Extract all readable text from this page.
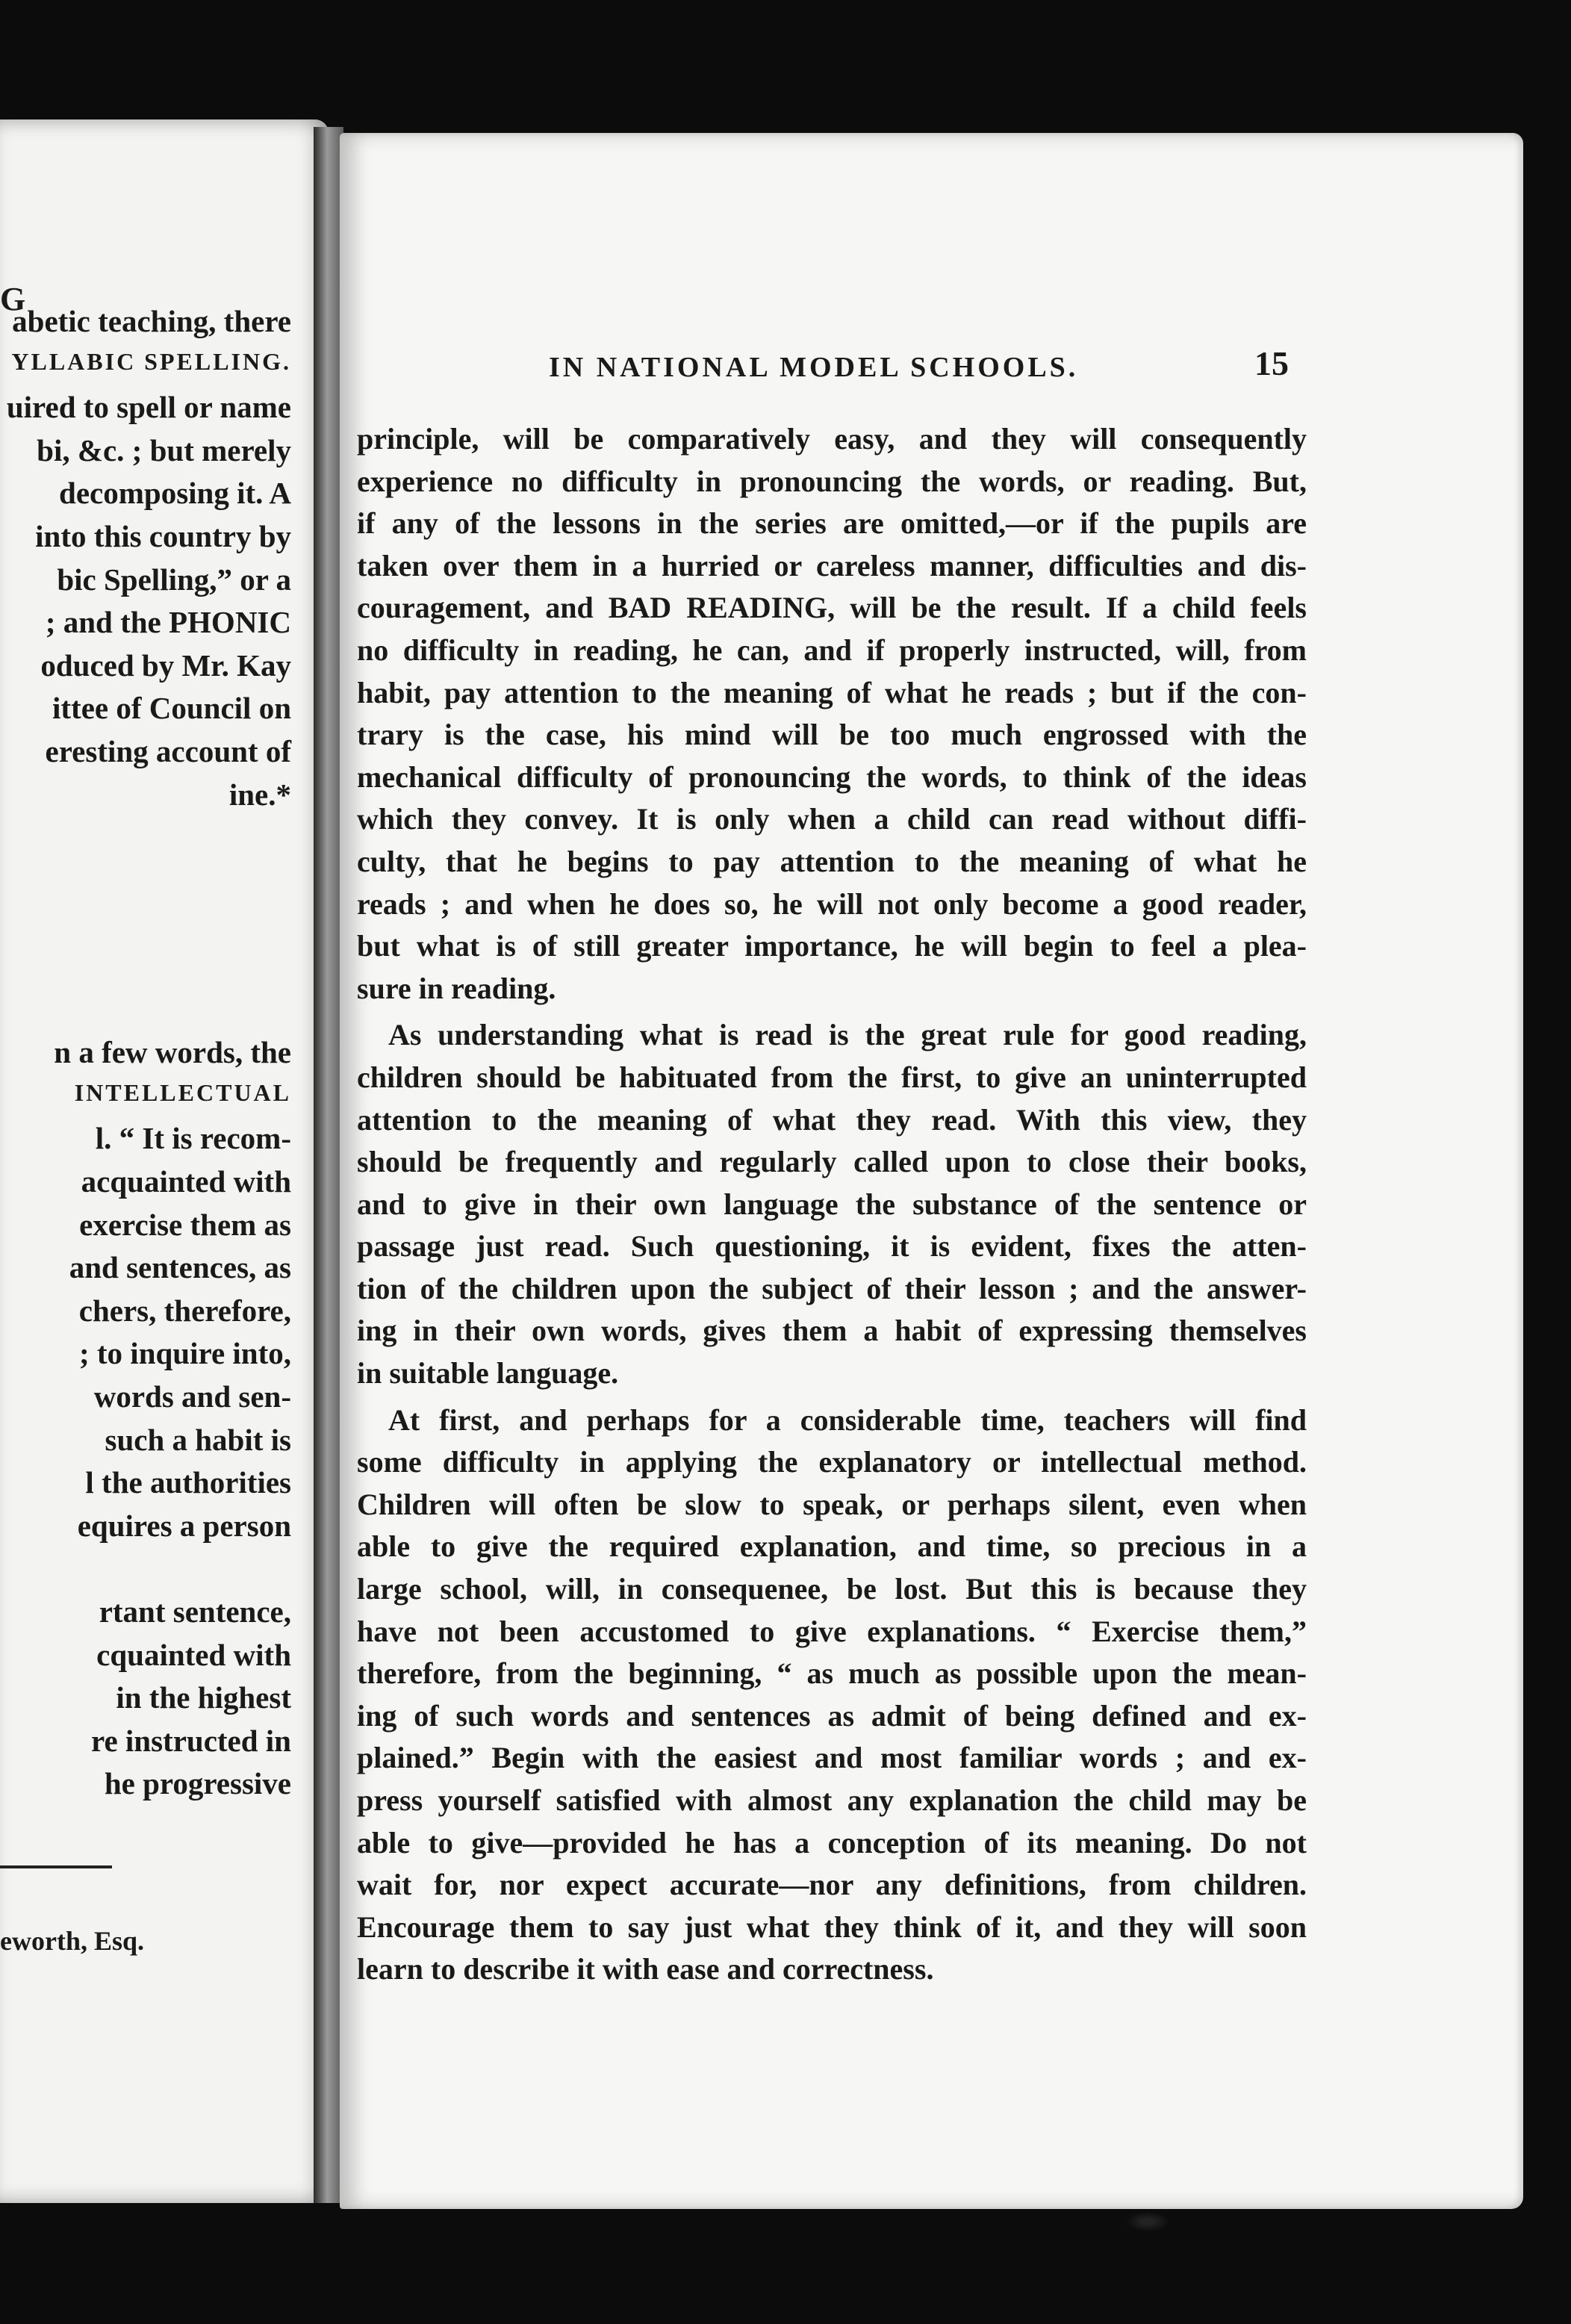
G
abetic teaching, there
YLLABIC SPELLING.
uired to spell or name
bi, &c. ; but merely
decomposing it. A
into this country by
bic Spelling,” or a
; and the PHONIC
oduced by Mr. Kay
ittee of Council on
eresting account of
ine.*
n a few words, the
INTELLECTUAL
l. “ It is recom-
acquainted with
exercise them as
and sentences, as
chers, therefore,
; to inquire into,
words and sen-
such a habit is
l the authorities
equires a person
rtant sentence,
cquainted with
in the highest
re instructed in
he progressive
eworth, Esq.
IN NATIONAL MODEL SCHOOLS.	15
principle, will be comparatively easy, and they will consequently
experience no difficulty in pronouncing the words, or reading. But,
if any of the lessons in the series are omitted,—or if the pupils are
taken over them in a hurried or careless manner, difficulties and dis-
couragement, and BAD READING, will be the result. If a child feels
no difficulty in reading, he can, and if properly instructed, will, from
habit, pay attention to the meaning of what he reads ; but if the con-
trary is the case, his mind will be too much engrossed with the
mechanical difficulty of pronouncing the words, to think of the ideas
which they convey. It is only when a child can read without diffi-
culty, that he begins to pay attention to the meaning of what he
reads ; and when he does so, he will not only become a good reader,
but what is of still greater importance, he will begin to feel a plea-
sure in reading.
As understanding what is read is the great rule for good reading,
children should be habituated from the first, to give an uninterrupted
attention to the meaning of what they read. With this view, they
should be frequently and regularly called upon to close their books,
and to give in their own language the substance of the sentence or
passage just read. Such questioning, it is evident, fixes the atten-
tion of the children upon the subject of their lesson ; and the answer-
ing in their own words, gives them a habit of expressing themselves
in suitable language.
At first, and perhaps for a considerable time, teachers will find
some difficulty in applying the explanatory or intellectual method.
Children will often be slow to speak, or perhaps silent, even when
able to give the required explanation, and time, so precious in a
large school, will, in consequenee, be lost. But this is because they
have not been accustomed to give explanations. “ Exercise them,”
therefore, from the beginning, “ as much as possible upon the mean-
ing of such words and sentences as admit of being defined and ex-
plained.” Begin with the easiest and most familiar words ; and ex-
press yourself satisfied with almost any explanation the child may be
able to give—provided he has a conception of its meaning. Do not
wait for, nor expect accurate—nor any definitions, from children.
Encourage them to say just what they think of it, and they will soon
learn to describe it with ease and correctness.
